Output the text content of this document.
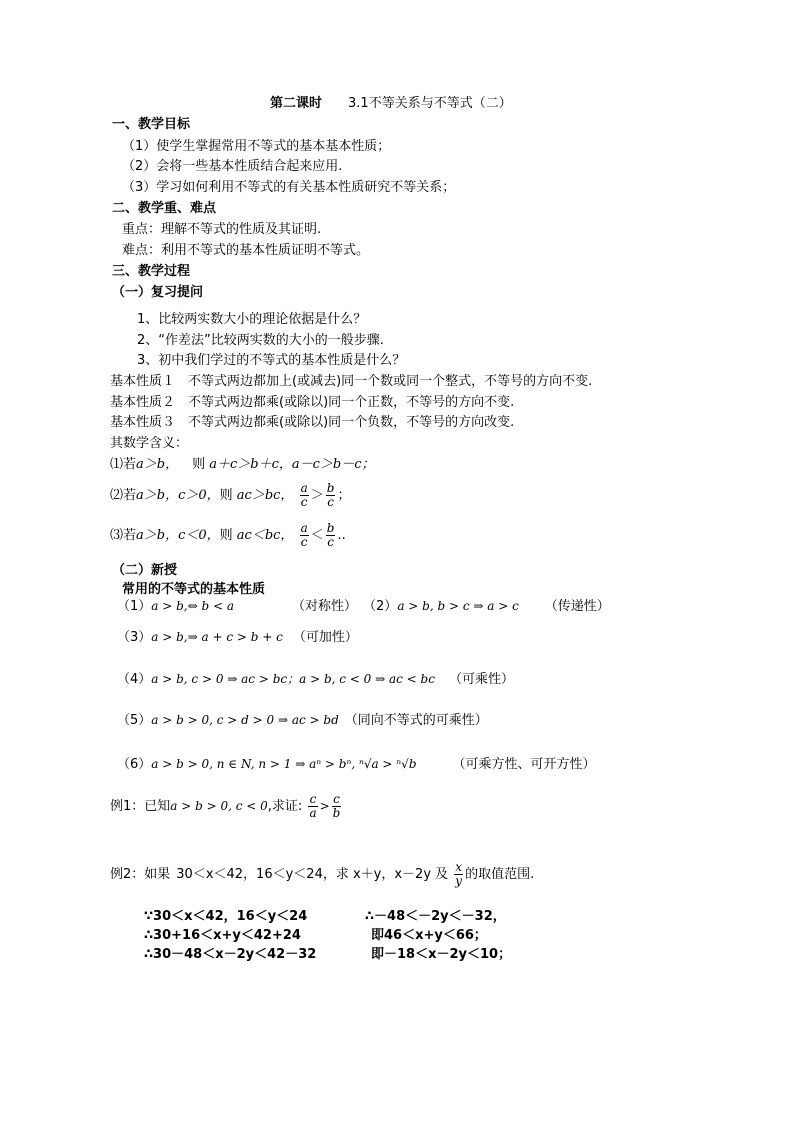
第二课时 3.1不等关系与不等式（二）
一、教学目标
（1）使学生掌握常用不等式的基本基本性质；
（2）会将一些基本性质结合起来应用.
（3）学习如何利用不等式的有关基本性质研究不等关系；
二、教学重、难点
重点：理解不等式的性质及其证明.
难点：利用不等式的基本性质证明不等式。
三、教学过程
（一）复习提问
1、比较两实数大小的理论依据是什么？
2、“作差法”比较两实数的大小的一般步骤.
3、初中我们学过的不等式的基本性质是什么？
基本性质１　不等式两边都加上(或减去)同一个数或同一个整式，不等号的方向不变.
基本性质２　不等式两边都乘(或除以)同一个正数，不等号的方向不变.
基本性质３　不等式两边都乘(或除以)同一个负数，不等号的方向改变.
其数学含义：
⑴若a＞b， 则 a＋c＞b＋c，a－c＞b－c；
⑵若a＞b，c＞0，则 ac＞bc， $\frac{a}{c} > \frac{b}{c}$ ；
⑶若a＞b，c＜0，则 ac＜bc， $\frac{a}{c} < \frac{b}{c}$ ..
（二）新授
常用的不等式的基本性质
（1）a > b,⇔ b < a	（对称性） （2）a > b, b > c ⇒ a > c （传递性）
（3）a > b,⇒ a + c > b + c （可加性）
（4）a > b, c > 0 ⇒ ac > bc；a > b, c < 0 ⇒ ac < bc （可乘性）
（5）a > b > 0, c > d > 0 ⇒ ac > bd （同向不等式的可乘性）
（6）a > b > 0, n ∈ N, n > 1 ⇒ aⁿ > bⁿ, ⁿ√a > ⁿ√b	（可乘方性、可开方性）
例1：已知a > b > 0, c < 0,求证: $\frac{c}{a} > \frac{c}{b}$
例2：如果 30＜x＜42，16＜y＜24，求 x＋y，x－2y 及 $\frac{x}{y}$ 的取值范围.
∵30＜x＜42，16＜y＜24	∴－48＜－2y＜－32，
∴30+16＜x+y＜42+24	即46＜x+y＜66；
∴30－48＜x－2y＜42－32	即－18＜x－2y＜10；
